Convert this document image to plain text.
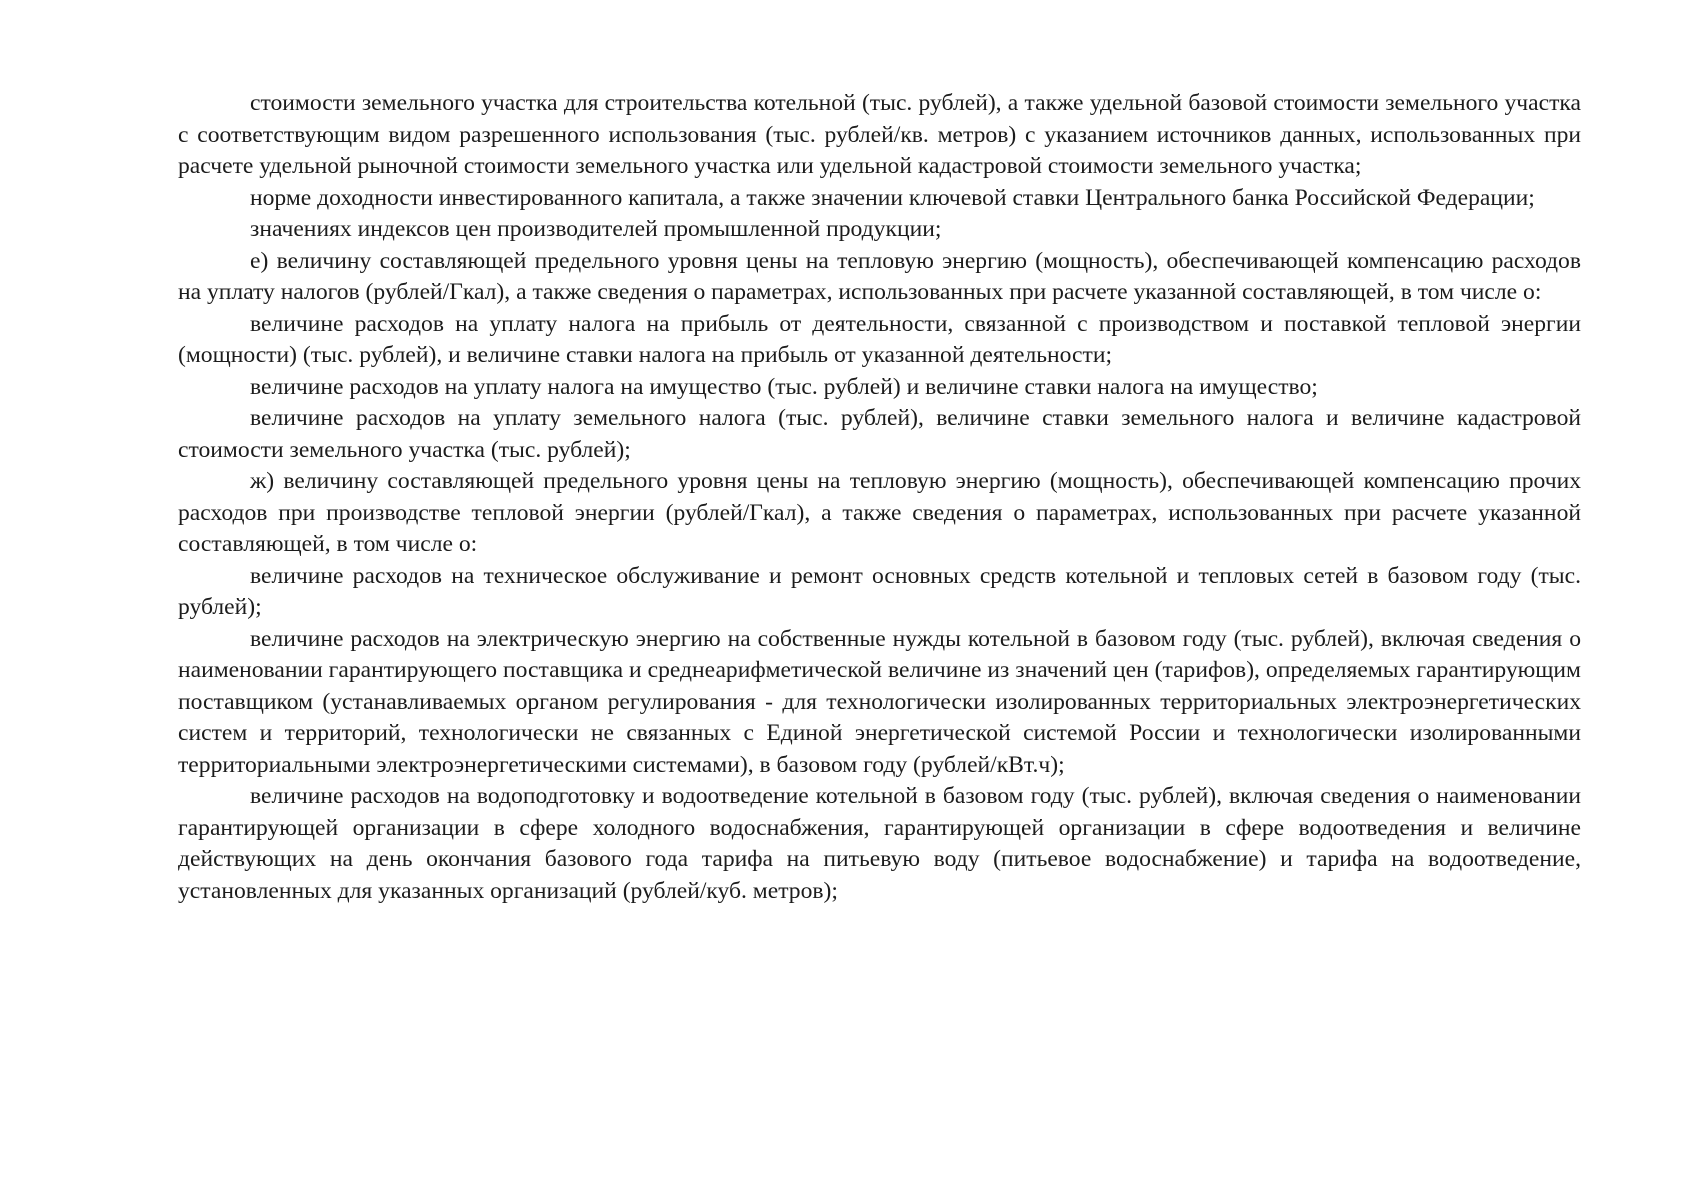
стоимости земельного участка для строительства котельной (тыс. рублей), а также удельной базовой стоимости земельного участка с соответствующим видом разрешенного использования (тыс. рублей/кв. метров) с указанием источников данных, использованных при расчете удельной рыночной стоимости земельного участка или удельной кадастровой стоимости земельного участка;

норме доходности инвестированного капитала, а также значении ключевой ставки Центрального банка Российской Федерации;

значениях индексов цен производителей промышленной продукции;

е) величину составляющей предельного уровня цены на тепловую энергию (мощность), обеспечивающей компенсацию расходов на уплату налогов (рублей/Гкал), а также сведения о параметрах, использованных при расчете указанной составляющей, в том числе о:

величине расходов на уплату налога на прибыль от деятельности, связанной с производством и поставкой тепловой энергии (мощности) (тыс. рублей), и величине ставки налога на прибыль от указанной деятельности;

величине расходов на уплату налога на имущество (тыс. рублей) и величине ставки налога на имущество;

величине расходов на уплату земельного налога (тыс. рублей), величине ставки земельного налога и величине кадастровой стоимости земельного участка (тыс. рублей);

ж) величину составляющей предельного уровня цены на тепловую энергию (мощность), обеспечивающей компенсацию прочих расходов при производстве тепловой энергии (рублей/Гкал), а также сведения о параметрах, использованных при расчете указанной составляющей, в том числе о:

величине расходов на техническое обслуживание и ремонт основных средств котельной и тепловых сетей в базовом году (тыс. рублей);

величине расходов на электрическую энергию на собственные нужды котельной в базовом году (тыс. рублей), включая сведения о наименовании гарантирующего поставщика и среднеарифметической величине из значений цен (тарифов), определяемых гарантирующим поставщиком (устанавливаемых органом регулирования - для технологически изолированных территориальных электроэнергетических систем и территорий, технологически не связанных с Единой энергетической системой России и технологически изолированными территориальными электроэнергетическими системами), в базовом году (рублей/кВт.ч);

величине расходов на водоподготовку и водоотведение котельной в базовом году (тыс. рублей), включая сведения о наименовании гарантирующей организации в сфере холодного водоснабжения, гарантирующей организации в сфере водоотведения и величине действующих на день окончания базового года тарифа на питьевую воду (питьевое водоснабжение) и тарифа на водоотведение, установленных для указанных организаций (рублей/куб. метров);
